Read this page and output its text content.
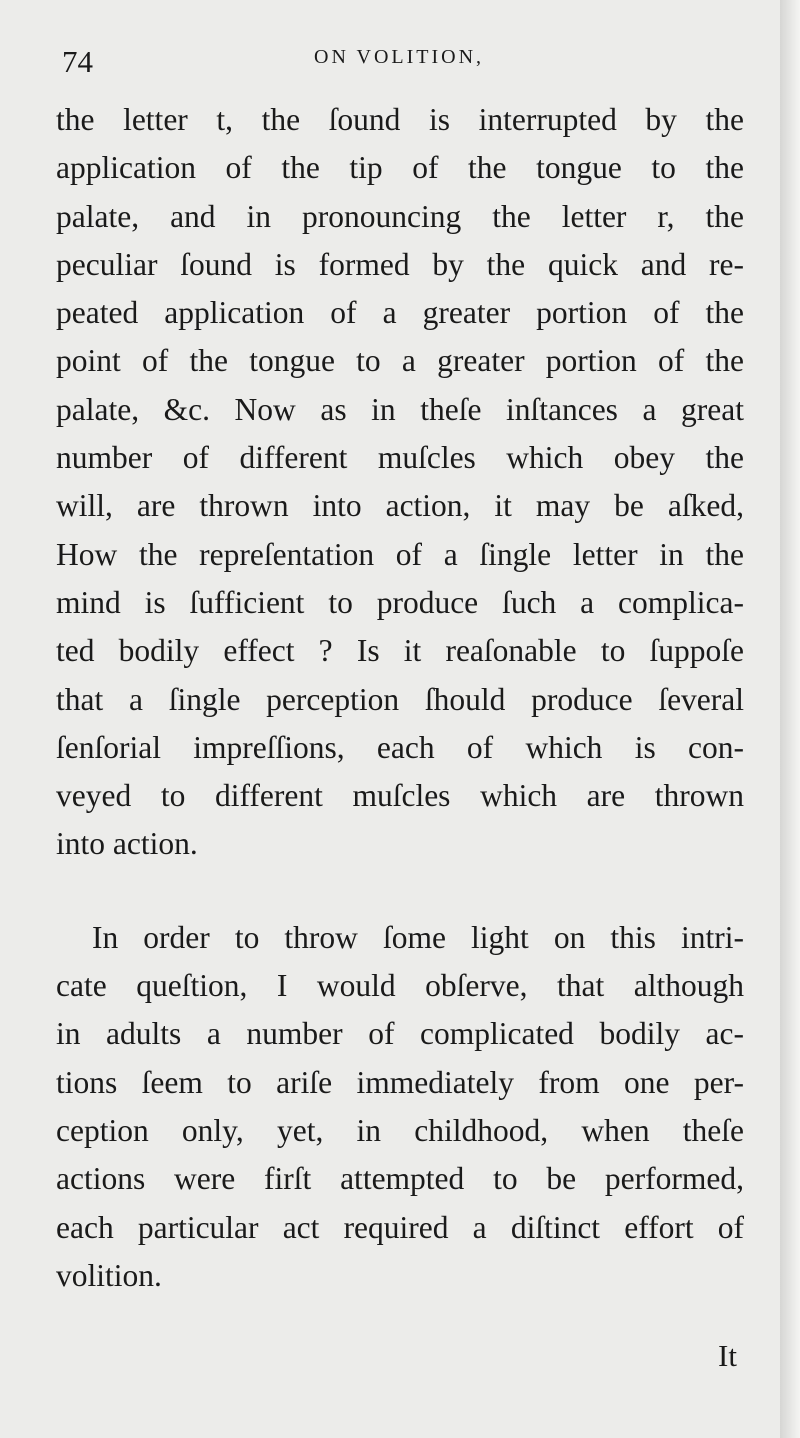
74	ON VOLITION,
the letter t, the ſound is interrupted by the
application of the tip of the tongue to the
palate, and in pronouncing the letter r, the
peculiar ſound is formed by the quick and re-
peated application of a greater portion of the
point of the tongue to a greater portion of the
palate, &c. Now as in theſe inſtances a great
number of different muſcles which obey the
will, are thrown into action, it may be aſked,
How the repreſentation of a ſingle letter in the
mind is ſufficient to produce ſuch a complica-
ted bodily effect ? Is it reaſonable to ſuppoſe
that a ſingle perception ſhould produce ſeveral
ſenſorial impreſſions, each of which is con-
veyed to different muſcles which are thrown
into action.
In order to throw ſome light on this intri-
cate queſtion, I would obſerve, that although
in adults a number of complicated bodily ac-
tions ſeem to ariſe immediately from one per-
ception only, yet, in childhood, when theſe
actions were firſt attempted to be performed,
each particular act required a diſtinct effort of
volition.
It
